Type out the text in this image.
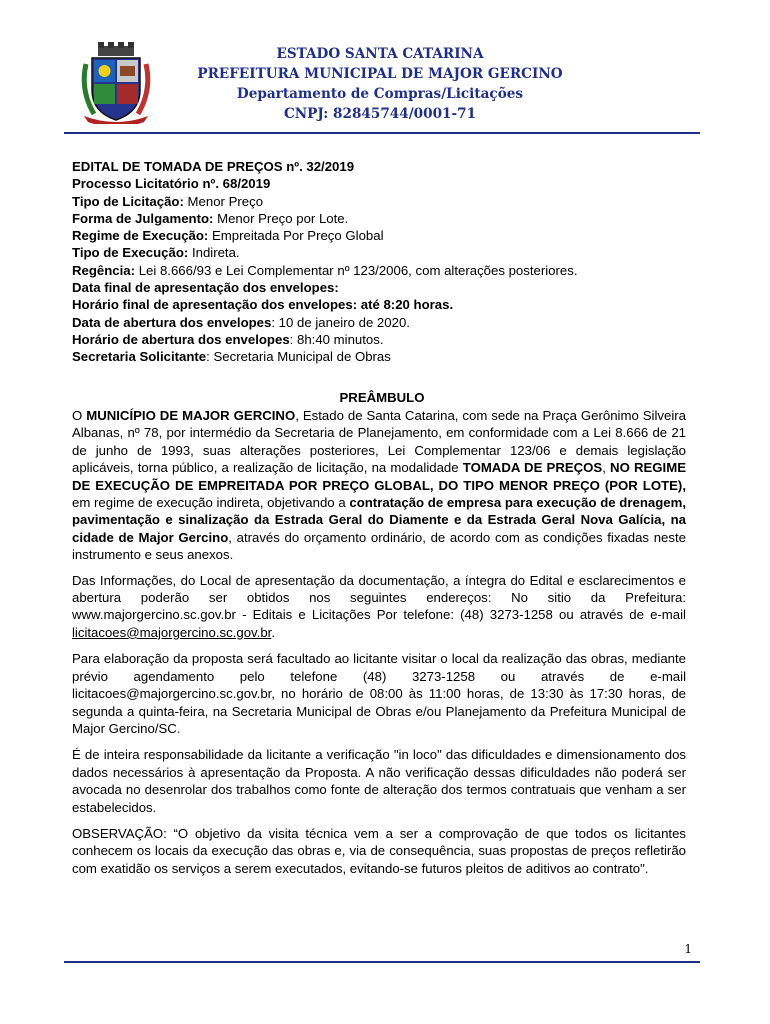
ESTADO SANTA CATARINA
PREFEITURA MUNICIPAL DE MAJOR GERCINO
Departamento de Compras/Licitações
CNPJ: 82845744/0001-71
EDITAL DE TOMADA DE PREÇOS nº. 32/2019
Processo Licitatório nº. 68/2019
Tipo de Licitação: Menor Preço
Forma de Julgamento: Menor Preço por Lote.
Regime de Execução: Empreitada Por Preço Global
Tipo de Execução: Indireta.
Regência: Lei 8.666/93 e Lei Complementar nº 123/2006, com alterações posteriores.
Data final de apresentação dos envelopes:
Horário final de apresentação dos envelopes: até 8:20 horas.
Data de abertura dos envelopes: 10 de janeiro de 2020.
Horário de abertura dos envelopes: 8h:40 minutos.
Secretaria Solicitante: Secretaria Municipal de Obras
PREÂMBULO

O MUNICÍPIO DE MAJOR GERCINO, Estado de Santa Catarina, com sede na Praça Gerônimo Silveira Albanas, nº 78, por intermédio da Secretaria de Planejamento, em conformidade com a Lei 8.666 de 21 de junho de 1993, suas alterações posteriores, Lei Complementar 123/06 e demais legislação aplicáveis, torna público, a realização de licitação, na modalidade TOMADA DE PREÇOS, NO REGIME DE EXECUÇÃO DE EMPREITADA POR PREÇO GLOBAL, DO TIPO MENOR PREÇO (POR LOTE), em regime de execução indireta, objetivando a contratação de empresa para execução de drenagem, pavimentação e sinalização da Estrada Geral do Diamente e da Estrada Geral Nova Galícia, na cidade de Major Gercino, através do orçamento ordinário, de acordo com as condições fixadas neste instrumento e seus anexos.

Das Informações, do Local de apresentação da documentação, a íntegra do Edital e esclarecimentos e abertura poderão ser obtidos nos seguintes endereços: No sitio da Prefeitura: www.majorgercino.sc.gov.br - Editais e Licitações Por telefone: (48) 3273-1258 ou através de e-mail licitacoes@majorgercino.sc.gov.br.

Para elaboração da proposta será facultado ao licitante visitar o local da realização das obras, mediante prévio agendamento pelo telefone (48) 3273-1258 ou através de e-mail licitacoes@majorgercino.sc.gov.br, no horário de 08:00 às 11:00 horas, de 13:30 às 17:30 horas, de segunda a quinta-feira, na Secretaria Municipal de Obras e/ou Planejamento da Prefeitura Municipal de Major Gercino/SC.

É de inteira responsabilidade da licitante a verificação "in loco" das dificuldades e dimensionamento dos dados necessários à apresentação da Proposta. A não verificação dessas dificuldades não poderá ser avocada no desenrolar dos trabalhos como fonte de alteração dos termos contratuais que venham a ser estabelecidos.

OBSERVAÇÃO: “O objetivo da visita técnica vem a ser a comprovação de que todos os licitantes conhecem os locais da execução das obras e, via de consequência, suas propostas de preços refletirão com exatidão os serviços a serem executados, evitando-se futuros pleitos de aditivos ao contrato".

1
